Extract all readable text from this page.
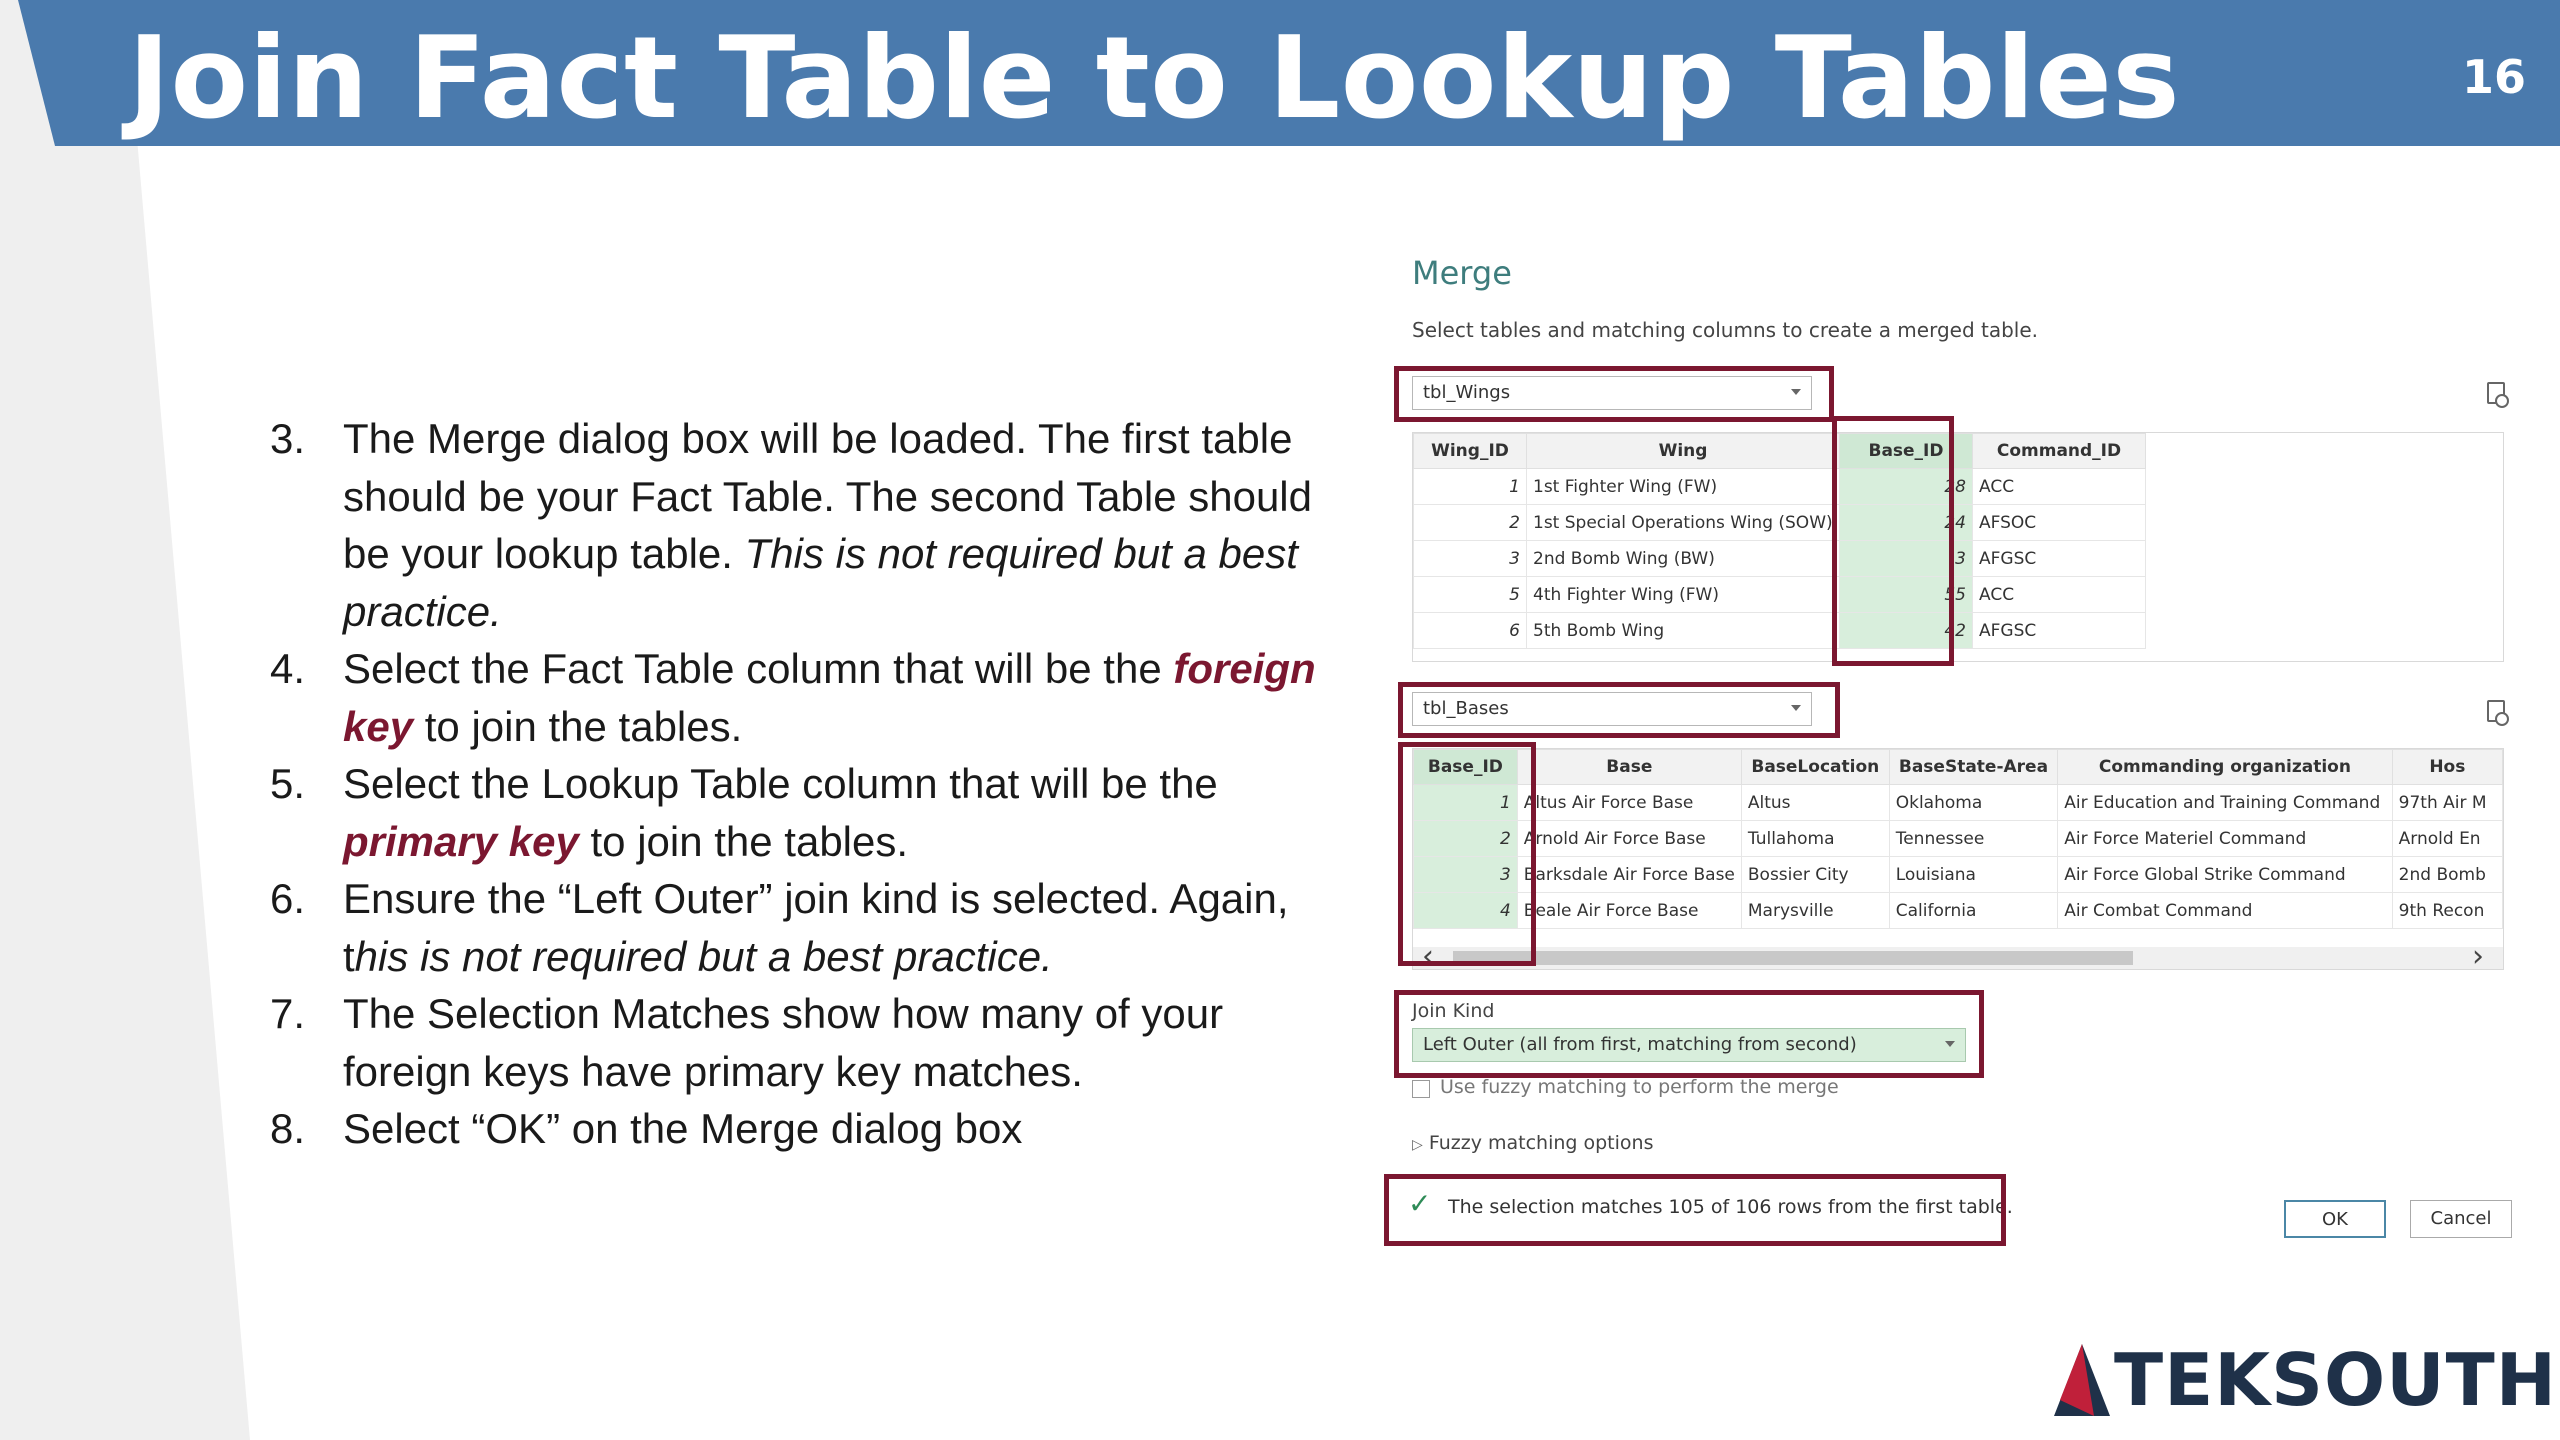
Join Fact Table to Lookup Tables	16
3. The Merge dialog box will be loaded. The first table should be your Fact Table. The second Table should be your lookup table. This is not required but a best practice.
4. Select the Fact Table column that will be the foreign key to join the tables.
5. Select the Lookup Table column that will be the primary key to join the tables.
6. Ensure the “Left Outer” join kind is selected. Again, this is not required but a best practice.
7. The Selection Matches show how many of your foreign keys have primary key matches.
8. Select “OK” on the Merge dialog box
Merge
Select tables and matching columns to create a merged table.
tbl_Wings
Wing_ID	Wing	Base_ID	Command_ID
1	1st Fighter Wing (FW)	28	ACC
2	1st Special Operations Wing (SOW)	24	AFSOC
3	2nd Bomb Wing (BW)	3	AFGSC
5	4th Fighter Wing (FW)	55	ACC
6	5th Bomb Wing	42	AFGSC
tbl_Bases
Base_ID	Base	BaseLocation	BaseState-Area	Commanding organization	Hos
1	Altus Air Force Base	Altus	Oklahoma	Air Education and Training Command	97th Air M
2	Arnold Air Force Base	Tullahoma	Tennessee	Air Force Materiel Command	Arnold En
3	Barksdale Air Force Base	Bossier City	Louisiana	Air Force Global Strike Command	2nd Bomb
4	Beale Air Force Base	Marysville	California	Air Combat Command	9th Recon
‹	›
Join Kind
Left Outer (all from first, matching from second)
Use fuzzy matching to perform the merge
▷ Fuzzy matching options
✓ The selection matches 105 of 106 rows from the first table.
OK	Cancel
TEKSOUTH
